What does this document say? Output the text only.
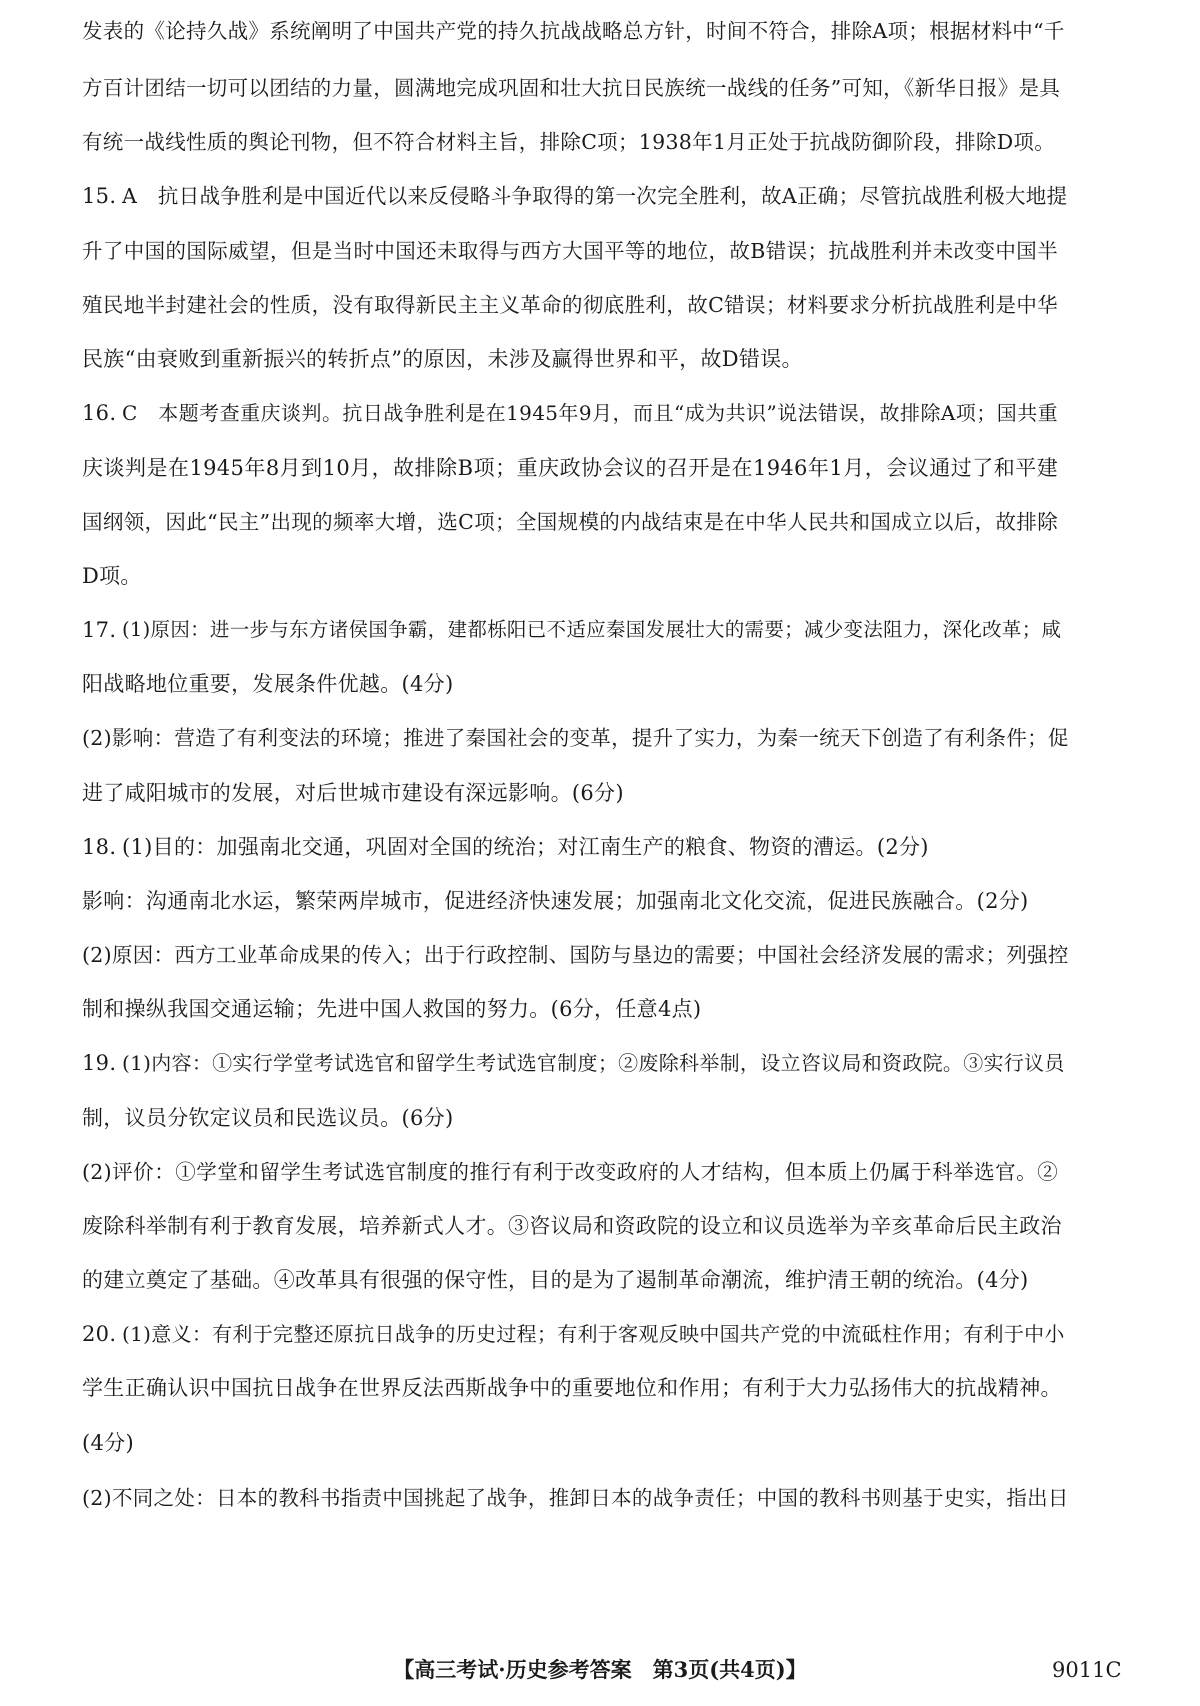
发表的《论持久战》系统阐明了中国共产党的持久抗战战略总方针，时间不符合，排除A项；根据材料中“千
方百计团结一切可以团结的力量，圆满地完成巩固和壮大抗日民族统一战线的任务”可知，《新华日报》是具
有统一战线性质的舆论刊物，但不符合材料主旨，排除C项；1938年1月正处于抗战防御阶段，排除D项。
15. A　抗日战争胜利是中国近代以来反侵略斗争取得的第一次完全胜利，故A正确；尽管抗战胜利极大地提
升了中国的国际威望，但是当时中国还未取得与西方大国平等的地位，故B错误；抗战胜利并未改变中国半
殖民地半封建社会的性质，没有取得新民主主义革命的彻底胜利，故C错误；材料要求分析抗战胜利是中华
民族“由衰败到重新振兴的转折点”的原因，未涉及赢得世界和平，故D错误。
16. C　本题考查重庆谈判。抗日战争胜利是在1945年9月，而且“成为共识”说法错误，故排除A项；国共重
庆谈判是在1945年8月到10月，故排除B项；重庆政协会议的召开是在1946年1月，会议通过了和平建
国纲领，因此“民主”出现的频率大增，选C项；全国规模的内战结束是在中华人民共和国成立以后，故排除
D项。
17. (1)原因：进一步与东方诸侯国争霸，建都栎阳已不适应秦国发展壮大的需要；减少变法阻力，深化改革；咸
阳战略地位重要，发展条件优越。(4分)
(2)影响：营造了有利变法的环境；推进了秦国社会的变革，提升了实力，为秦一统天下创造了有利条件；促
进了咸阳城市的发展，对后世城市建设有深远影响。(6分)
18. (1)目的：加强南北交通，巩固对全国的统治；对江南生产的粮食、物资的漕运。(2分)
影响：沟通南北水运，繁荣两岸城市，促进经济快速发展；加强南北文化交流，促进民族融合。(2分)
(2)原因：西方工业革命成果的传入；出于行政控制、国防与垦边的需要；中国社会经济发展的需求；列强控
制和操纵我国交通运输；先进中国人救国的努力。(6分，任意4点)
19. (1)内容：①实行学堂考试选官和留学生考试选官制度；②废除科举制，设立咨议局和资政院。③实行议员
制，议员分钦定议员和民选议员。(6分)
(2)评价：①学堂和留学生考试选官制度的推行有利于改变政府的人才结构，但本质上仍属于科举选官。②
废除科举制有利于教育发展，培养新式人才。③咨议局和资政院的设立和议员选举为辛亥革命后民主政治
的建立奠定了基础。④改革具有很强的保守性，目的是为了遏制革命潮流，维护清王朝的统治。(4分)
20. (1)意义：有利于完整还原抗日战争的历史过程；有利于客观反映中国共产党的中流砥柱作用；有利于中小
学生正确认识中国抗日战争在世界反法西斯战争中的重要地位和作用；有利于大力弘扬伟大的抗战精神。
(4分)
(2)不同之处：日本的教科书指责中国挑起了战争，推卸日本的战争责任；中国的教科书则基于史实，指出日
【高三考试·历史参考答案　第3页(共4页)】	9011C
